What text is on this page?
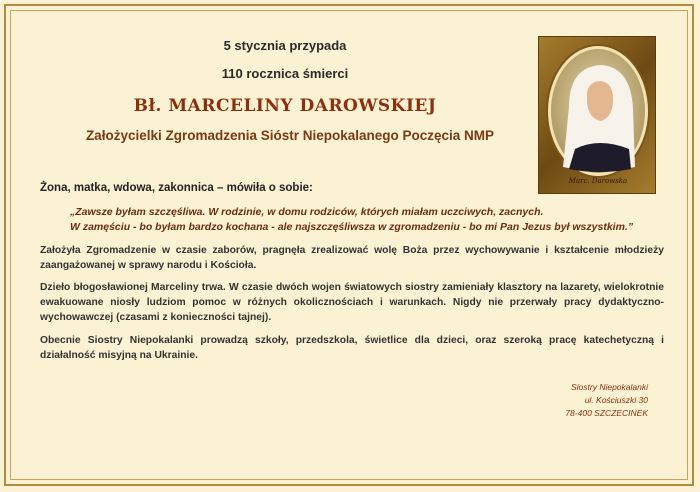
5 stycznia przypada
110 rocznica śmierci
Bł. MARCELINY DAROWSKIEJ
Założycielki Zgromadzenia Sióstr Niepokalanego Poczęcia NMP
Marc. Darowska
Żona, matka, wdowa, zakonnica – mówiła o sobie:
„Zawsze byłam szczęśliwa. W rodzinie, w domu rodziców, których miałam uczciwych, zacnych.
W zamęściu - bo byłam bardzo kochana - ale najszczęśliwsza w zgromadzeniu - bo mi Pan Jezus był wszystkim.”
Założyła Zgromadzenie w czasie zaborów, pragnęła zrealizować wolę Boża przez wychowywanie i kształcenie młodzieży zaangażowanej w sprawy narodu i Kościoła.
Dzieło błogosławionej Marceliny trwa. W czasie dwóch wojen światowych siostry zamieniały klasztory na lazarety, wielokrotnie ewakuowane niosły ludziom pomoc w różnych okolicznościach i warunkach. Nigdy nie przerwały pracy dydaktyczno-wychowawczej (czasami z konieczności tajnej).
Obecnie Siostry Niepokalanki prowadzą szkoły, przedszkola, świetlice dla dzieci, oraz szeroką pracę katechetyczną i działalność misyjną na Ukrainie.
Siostry Niepokalanki
ul. Kościuszki 30
78-400 SZCZECINEK
